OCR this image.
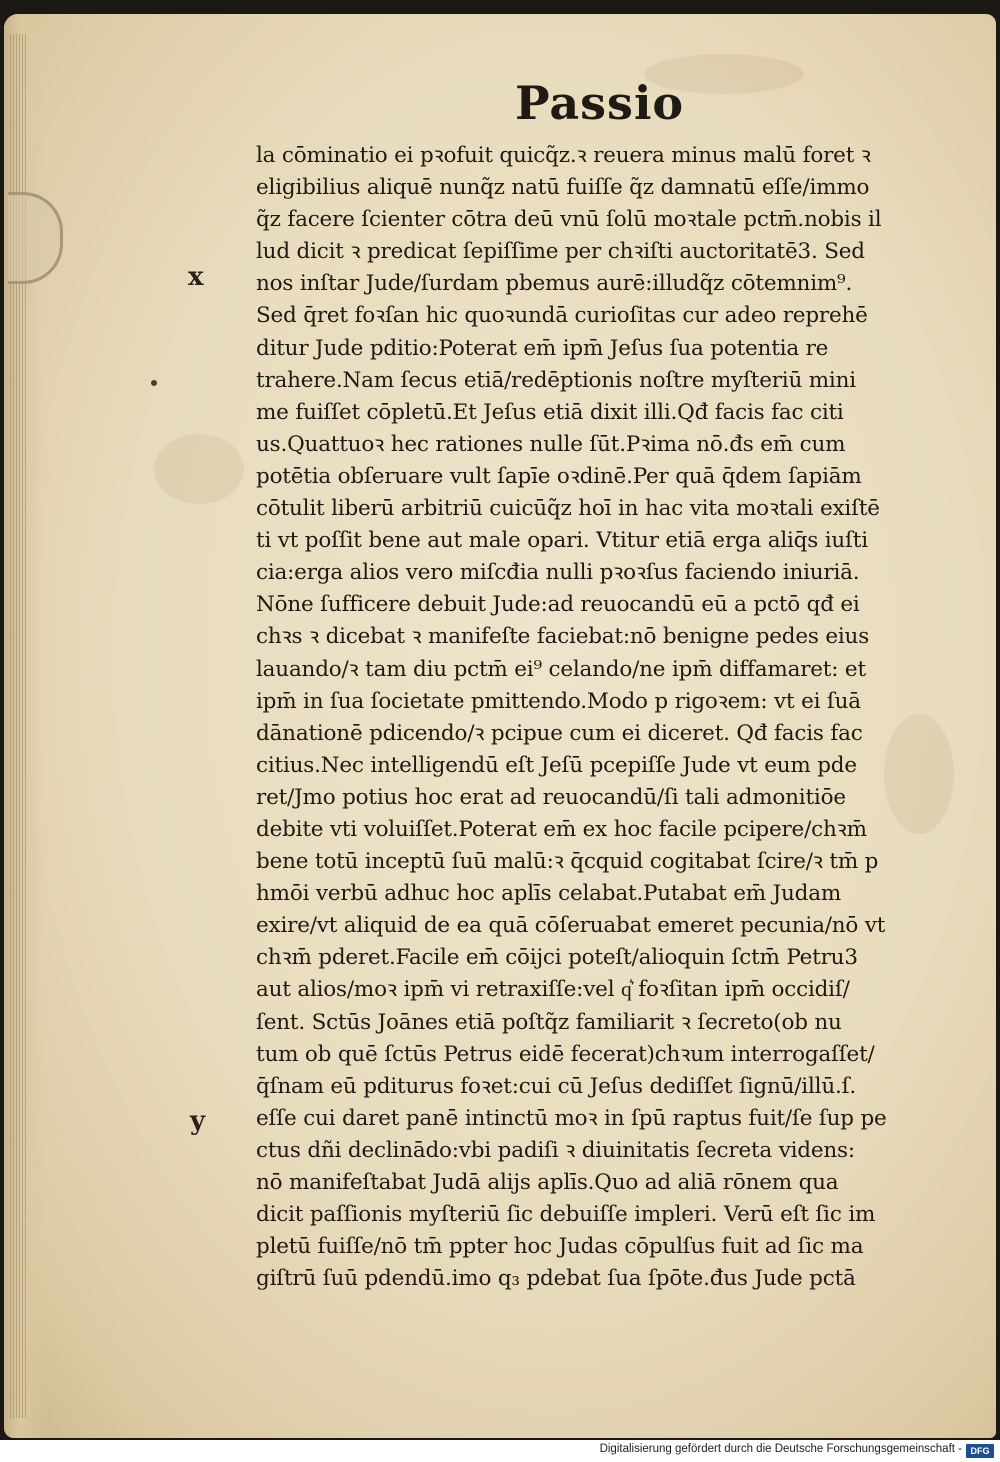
Passio
x
y
la cōminatio ei pꝛofuit quicq̃z.ꝛ reuera minus malū foret ꝛ
eligibilius aliquē nunq̃z natū fuiſſe q̃z damnatū eſſe/immo
q̃z facere ſcienter cōtra deū vnū ſolū moꝛtale pctm̄.nobis il
lud dicit ꝛ predicat ſepiſſime per chꝛiſti auctoritatē3. Sed
nos inſtar Jude/ſurdam pbemus aurē:illudq̃z cōtemnim⁹.
Sed q̄ret foꝛſan hic quoꝛundā curioſitas cur adeo reprehē
ditur Jude pditio:Poterat em̄ ipm̄ Jeſus ſua potentia re
trahere.Nam ſecus etiā/redēptionis noſtre myſteriū mini
me fuiſſet cōpletū.Et Jeſus etiā dixit illi.Qđ facis fac citi
us.Quattuoꝛ hec rationes nulle ſūt.Pꝛima nō.đs em̄ cum
potētia obſeruare vult ſapīe oꝛdinē.Per quā q̄dem ſapiām
cōtulit liberū arbitriū cuicūq̃z hoī in hac vita moꝛtali exiſtē
ti vt poſſit bene aut male opari. Vtitur etiā erga aliq̄s iuſti
cia:erga alios vero miſcđia nulli pꝛoꝛſus faciendo iniuriā.
Nōne ſufficere debuit Jude:ad reuocandū eū a pctō qđ ei
chꝛs ꝛ dicebat ꝛ manifeſte faciebat:nō benigne pedes eius
lauando/ꝛ tam diu pctm̄ ei⁹ celando/ne ipm̄ diffamaret: et
ipm̄ in ſua ſocietate pmittendo.Modo p rigoꝛem: vt ei ſuā
dānationē pdicendo/ꝛ pcipue cum ei diceret. Qđ facis fac
citius.Nec intelligendū eſt Jeſū pcepiſſe Jude vt eum pde
ret/Jmo potius hoc erat ad reuocandū/ſi tali admonitiōe
debite vti voluiſſet.Poterat em̄ ex hoc facile pcipere/chꝛm̄
bene totū inceptū ſuū malū:ꝛ q̄cquid cogitabat ſcire/ꝛ tm̄ p
hmōi verbū adhuc hoc aplīs celabat.Putabat em̄ Judam
exire/vt aliquid de ea quā cōſeruabat emeret pecunia/nō vt
chꝛm̄ pderet.Facile em̄ cōijci poteſt/alioquin ſctm̄ Petru3
aut alios/moꝛ ipm̄ vi retraxiſſe:vel q͛ foꝛſitan ipm̄ occidiſ/
ſent. Sctūs Joānes etiā poſtq̃z familiarit ꝛ ſecreto(ob nu
tum ob quē ſctūs Petrus eidē fecerat)chꝛum interrogaſſet/
q̄ſnam eū pditurus foꝛet:cui cū Jeſus dediſſet ſignū/illū.ſ.
eſſe cui daret panē intinctū moꝛ in ſpū raptus fuit/ſe ſup pe
ctus dñi declinādo:vbi padiſi ꝛ diuinitatis ſecreta videns:
nō manifeſtabat Judā alijs aplīs.Quo ad aliā rōnem qua
dicit paſſionis myſteriū ſic debuiſſe impleri. Verū eſt ſic im
pletū fuiſſe/nō tm̄ ppter hoc Judas cōpulſus fuit ad ſic ma
giſtrū ſuū pdendū.imo q₃ pdebat ſua ſpōte.đus Jude pctā
Digitalisierung gefördert durch die Deutsche Forschungsgemeinschaft - DFG
